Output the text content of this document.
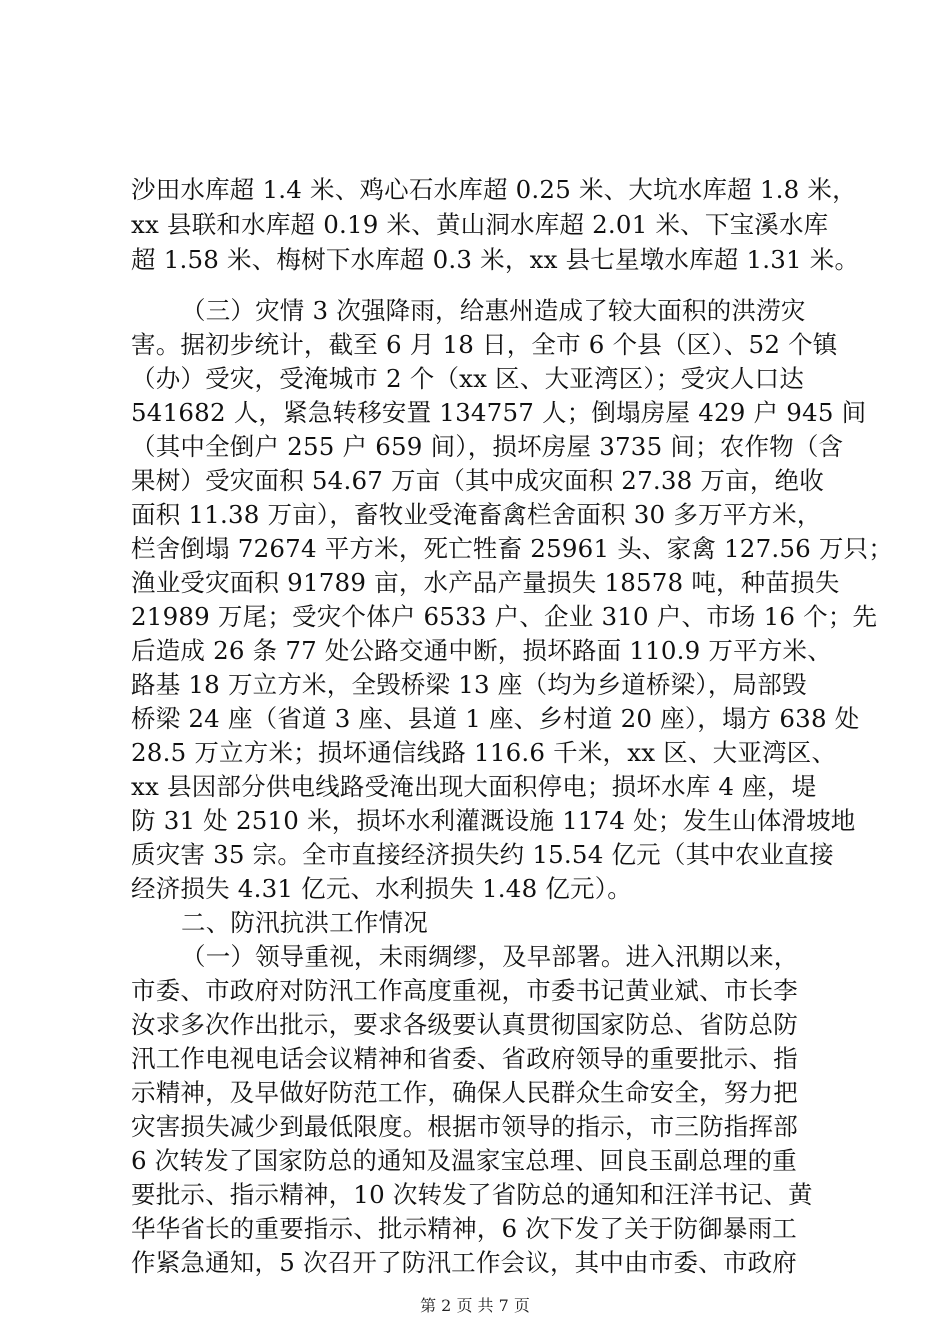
沙田水库超 1.4 米、鸡心石水库超 0.25 米、大坑水库超 1.8 米，
xx 县联和水库超 0.19 米、黄山洞水库超 2.01 米、下宝溪水库
超 1.58 米、梅树下水库超 0.3 米，xx 县七星墩水库超 1.31 米。
（三）灾情 3 次强降雨，给惠州造成了较大面积的洪涝灾
害。据初步统计，截至 6 月 18 日，全市 6 个县（区）、52 个镇
（办）受灾，受淹城市 2 个（xx 区、大亚湾区）；受灾人口达
541682 人，紧急转移安置 134757 人；倒塌房屋 429 户 945 间
（其中全倒户 255 户 659 间），损坏房屋 3735 间；农作物（含
果树）受灾面积 54.67 万亩（其中成灾面积 27.38 万亩，绝收
面积 11.38 万亩），畜牧业受淹畜禽栏舍面积 30 多万平方米，
栏舍倒塌 72674 平方米，死亡牲畜 25961 头、家禽 127.56 万只；
渔业受灾面积 91789 亩，水产品产量损失 18578 吨，种苗损失
21989 万尾；受灾个体户 6533 户、企业 310 户、市场 16 个；先
后造成 26 条 77 处公路交通中断，损坏路面 110.9 万平方米、
路基 18 万立方米，全毁桥梁 13 座（均为乡道桥梁），局部毁
桥梁 24 座（省道 3 座、县道 1 座、乡村道 20 座），塌方 638 处
28.5 万立方米；损坏通信线路 116.6 千米，xx 区、大亚湾区、
xx 县因部分供电线路受淹出现大面积停电；损坏水库 4 座，堤
防 31 处 2510 米，损坏水利灌溉设施 1174 处；发生山体滑坡地
质灾害 35 宗。全市直接经济损失约 15.54 亿元（其中农业直接
经济损失 4.31 亿元、水利损失 1.48 亿元）。
二、防汛抗洪工作情况
（一）领导重视，未雨绸缪，及早部署。进入汛期以来，
市委、市政府对防汛工作高度重视，市委书记黄业斌、市长李
汝求多次作出批示，要求各级要认真贯彻国家防总、省防总防
汛工作电视电话会议精神和省委、省政府领导的重要批示、指
示精神，及早做好防范工作，确保人民群众生命安全，努力把
灾害损失减少到最低限度。根据市领导的指示，市三防指挥部
6 次转发了国家防总的通知及温家宝总理、回良玉副总理的重
要批示、指示精神，10 次转发了省防总的通知和汪洋书记、黄
华华省长的重要指示、批示精神，6 次下发了关于防御暴雨工
作紧急通知，5 次召开了防汛工作会议，其中由市委、市政府
第 2 页 共 7 页
